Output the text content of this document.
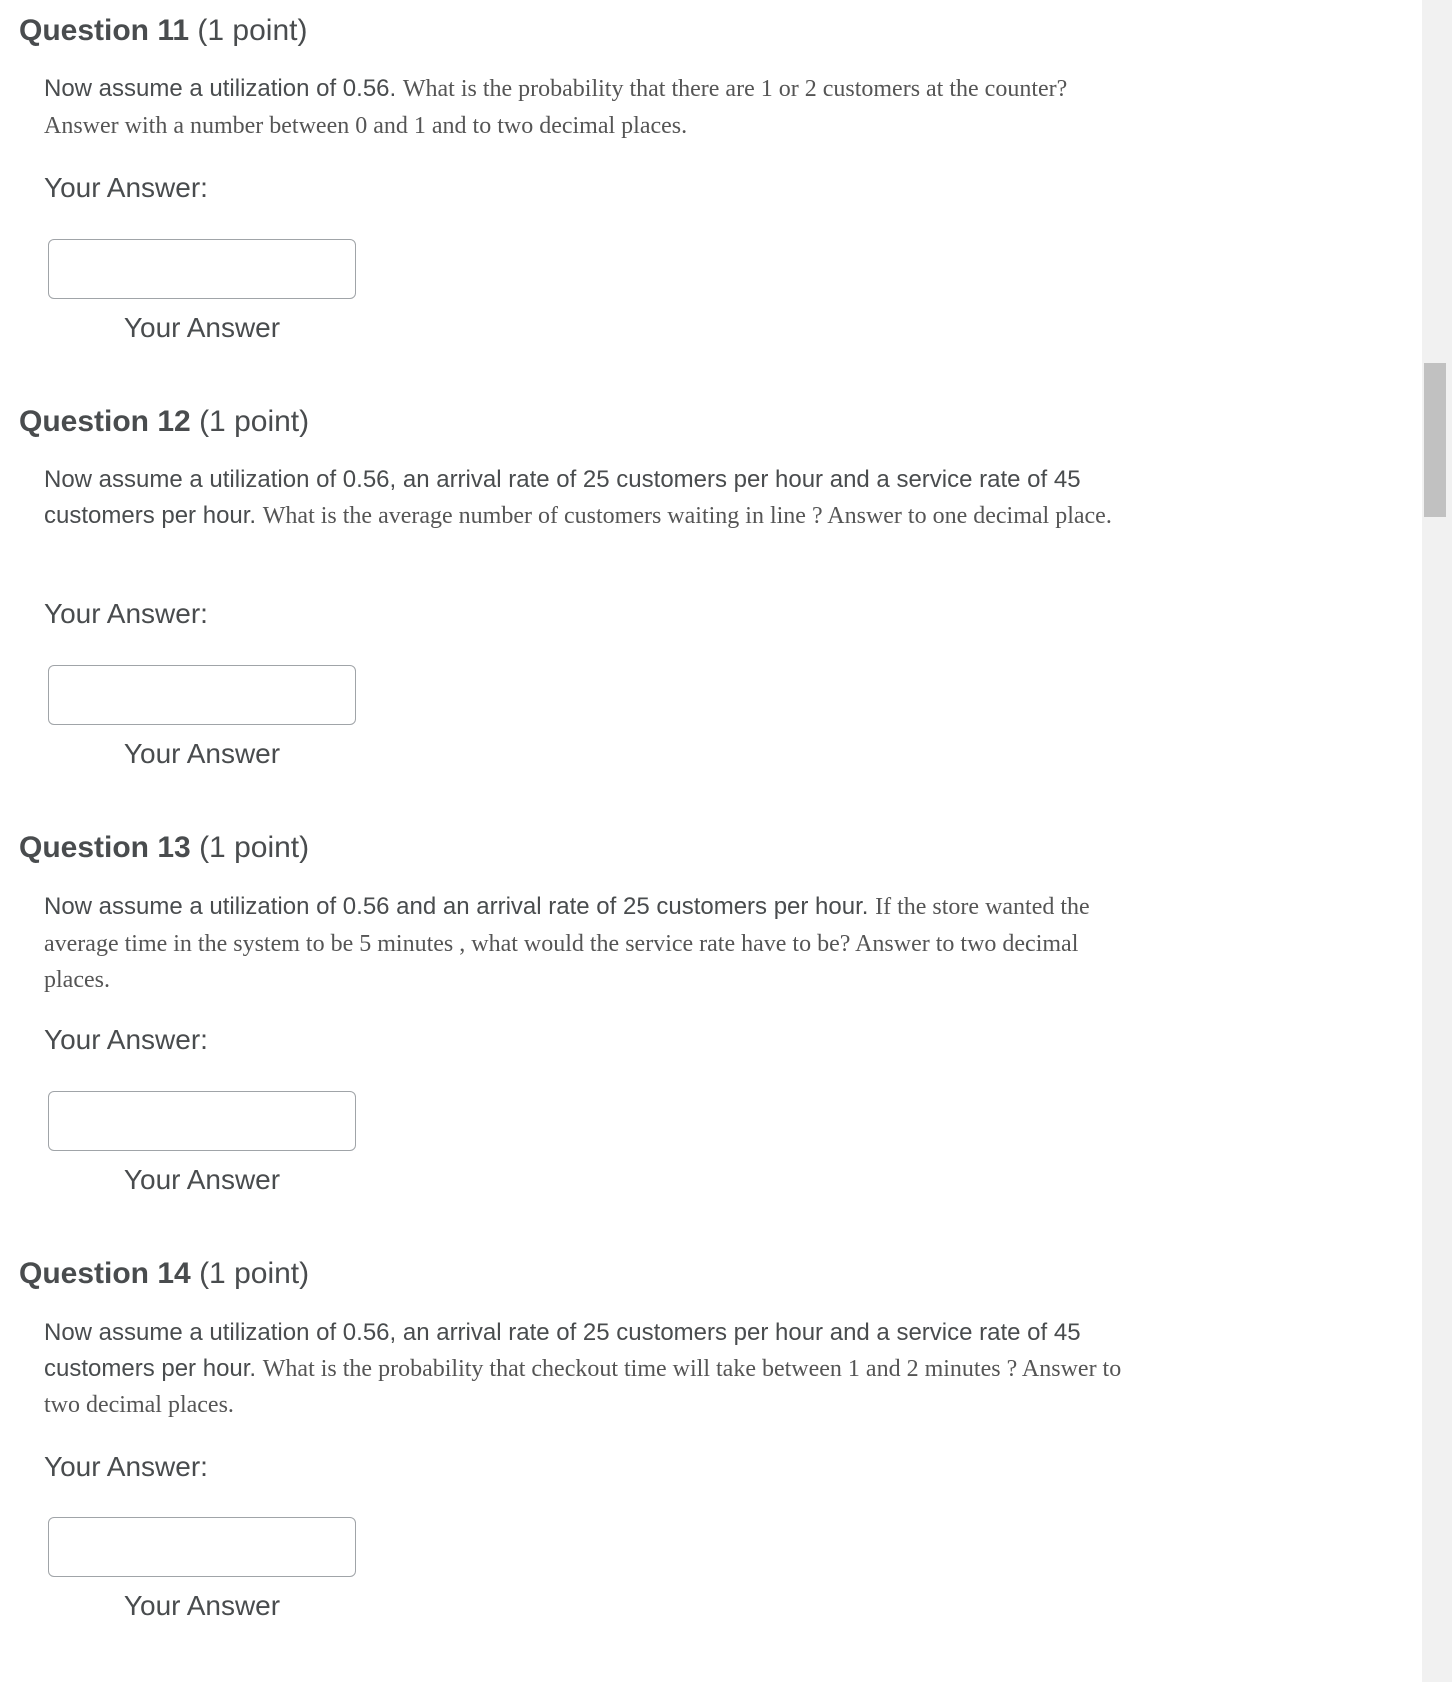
Question 11 (1 point)
Now assume a utilization of 0.56. What is the probability that there are 1 or 2 customers at the counter? Answer with a number between 0 and 1 and to two decimal places.
Your Answer:
Your Answer
Question 12 (1 point)
Now assume a utilization of 0.56, an arrival rate of 25 customers per hour and a service rate of 45 customers per hour. What is the average number of customers waiting in line ? Answer to one decimal place.
Your Answer:
Your Answer
Question 13 (1 point)
Now assume a utilization of 0.56 and an arrival rate of 25 customers per hour. If the store wanted the average time in the system to be 5 minutes , what would the service rate have to be? Answer to two decimal places.
Your Answer:
Your Answer
Question 14 (1 point)
Now assume a utilization of 0.56, an arrival rate of 25 customers per hour and a service rate of 45 customers per hour. What is the probability that checkout time will take between 1 and 2 minutes ? Answer to two decimal places.
Your Answer:
Your Answer
